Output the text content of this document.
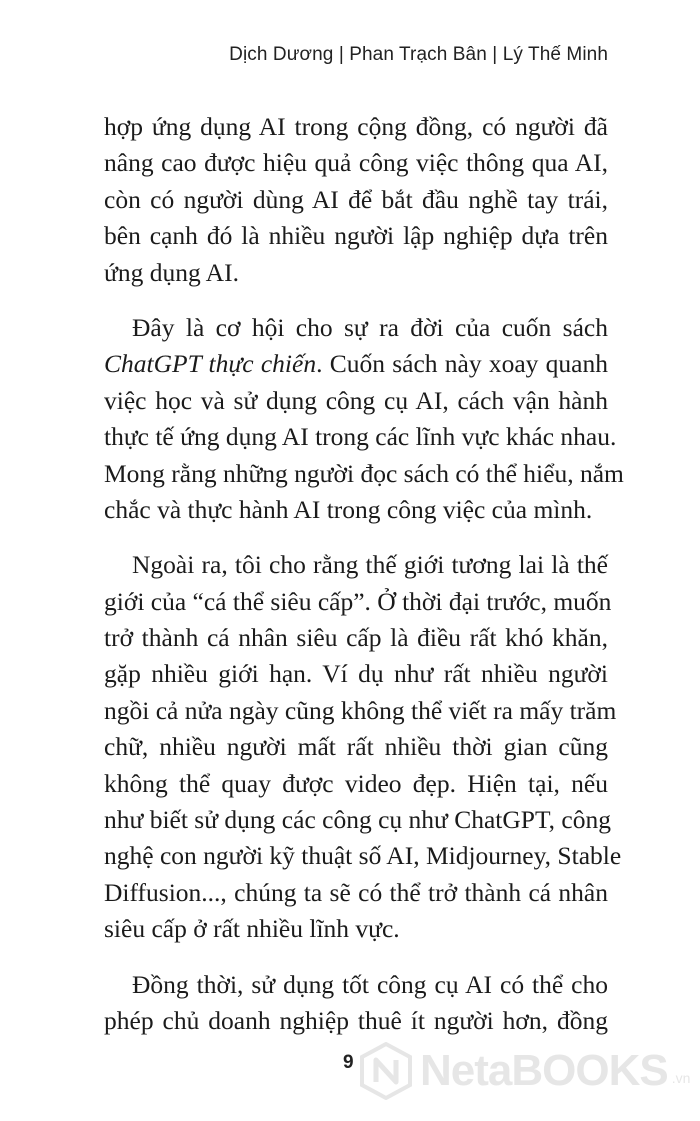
Dịch Dương | Phan Trạch Bân | Lý Thế Minh
hợp ứng dụng AI trong cộng đồng, có người đã
nâng cao được hiệu quả công việc thông qua AI,
còn có người dùng AI để bắt đầu nghề tay trái,
bên cạnh đó là nhiều người lập nghiệp dựa trên
ứng dụng AI.
Đây là cơ hội cho sự ra đời của cuốn sách
ChatGPT thực chiến. Cuốn sách này xoay quanh
việc học và sử dụng công cụ AI, cách vận hành
thực tế ứng dụng AI trong các lĩnh vực khác nhau.
Mong rằng những người đọc sách có thể hiểu, nắm
chắc và thực hành AI trong công việc của mình.
Ngoài ra, tôi cho rằng thế giới tương lai là thế
giới của “cá thể siêu cấp”. Ở thời đại trước, muốn
trở thành cá nhân siêu cấp là điều rất khó khăn,
gặp nhiều giới hạn. Ví dụ như rất nhiều người
ngồi cả nửa ngày cũng không thể viết ra mấy trăm
chữ, nhiều người mất rất nhiều thời gian cũng
không thể quay được video đẹp. Hiện tại, nếu
như biết sử dụng các công cụ như ChatGPT, công
nghệ con người kỹ thuật số AI, Midjourney, Stable
Diffusion..., chúng ta sẽ có thể trở thành cá nhân
siêu cấp ở rất nhiều lĩnh vực.
Đồng thời, sử dụng tốt công cụ AI có thể cho
phép chủ doanh nghiệp thuê ít người hơn, đồng
9 NetaBOOKS .vn
